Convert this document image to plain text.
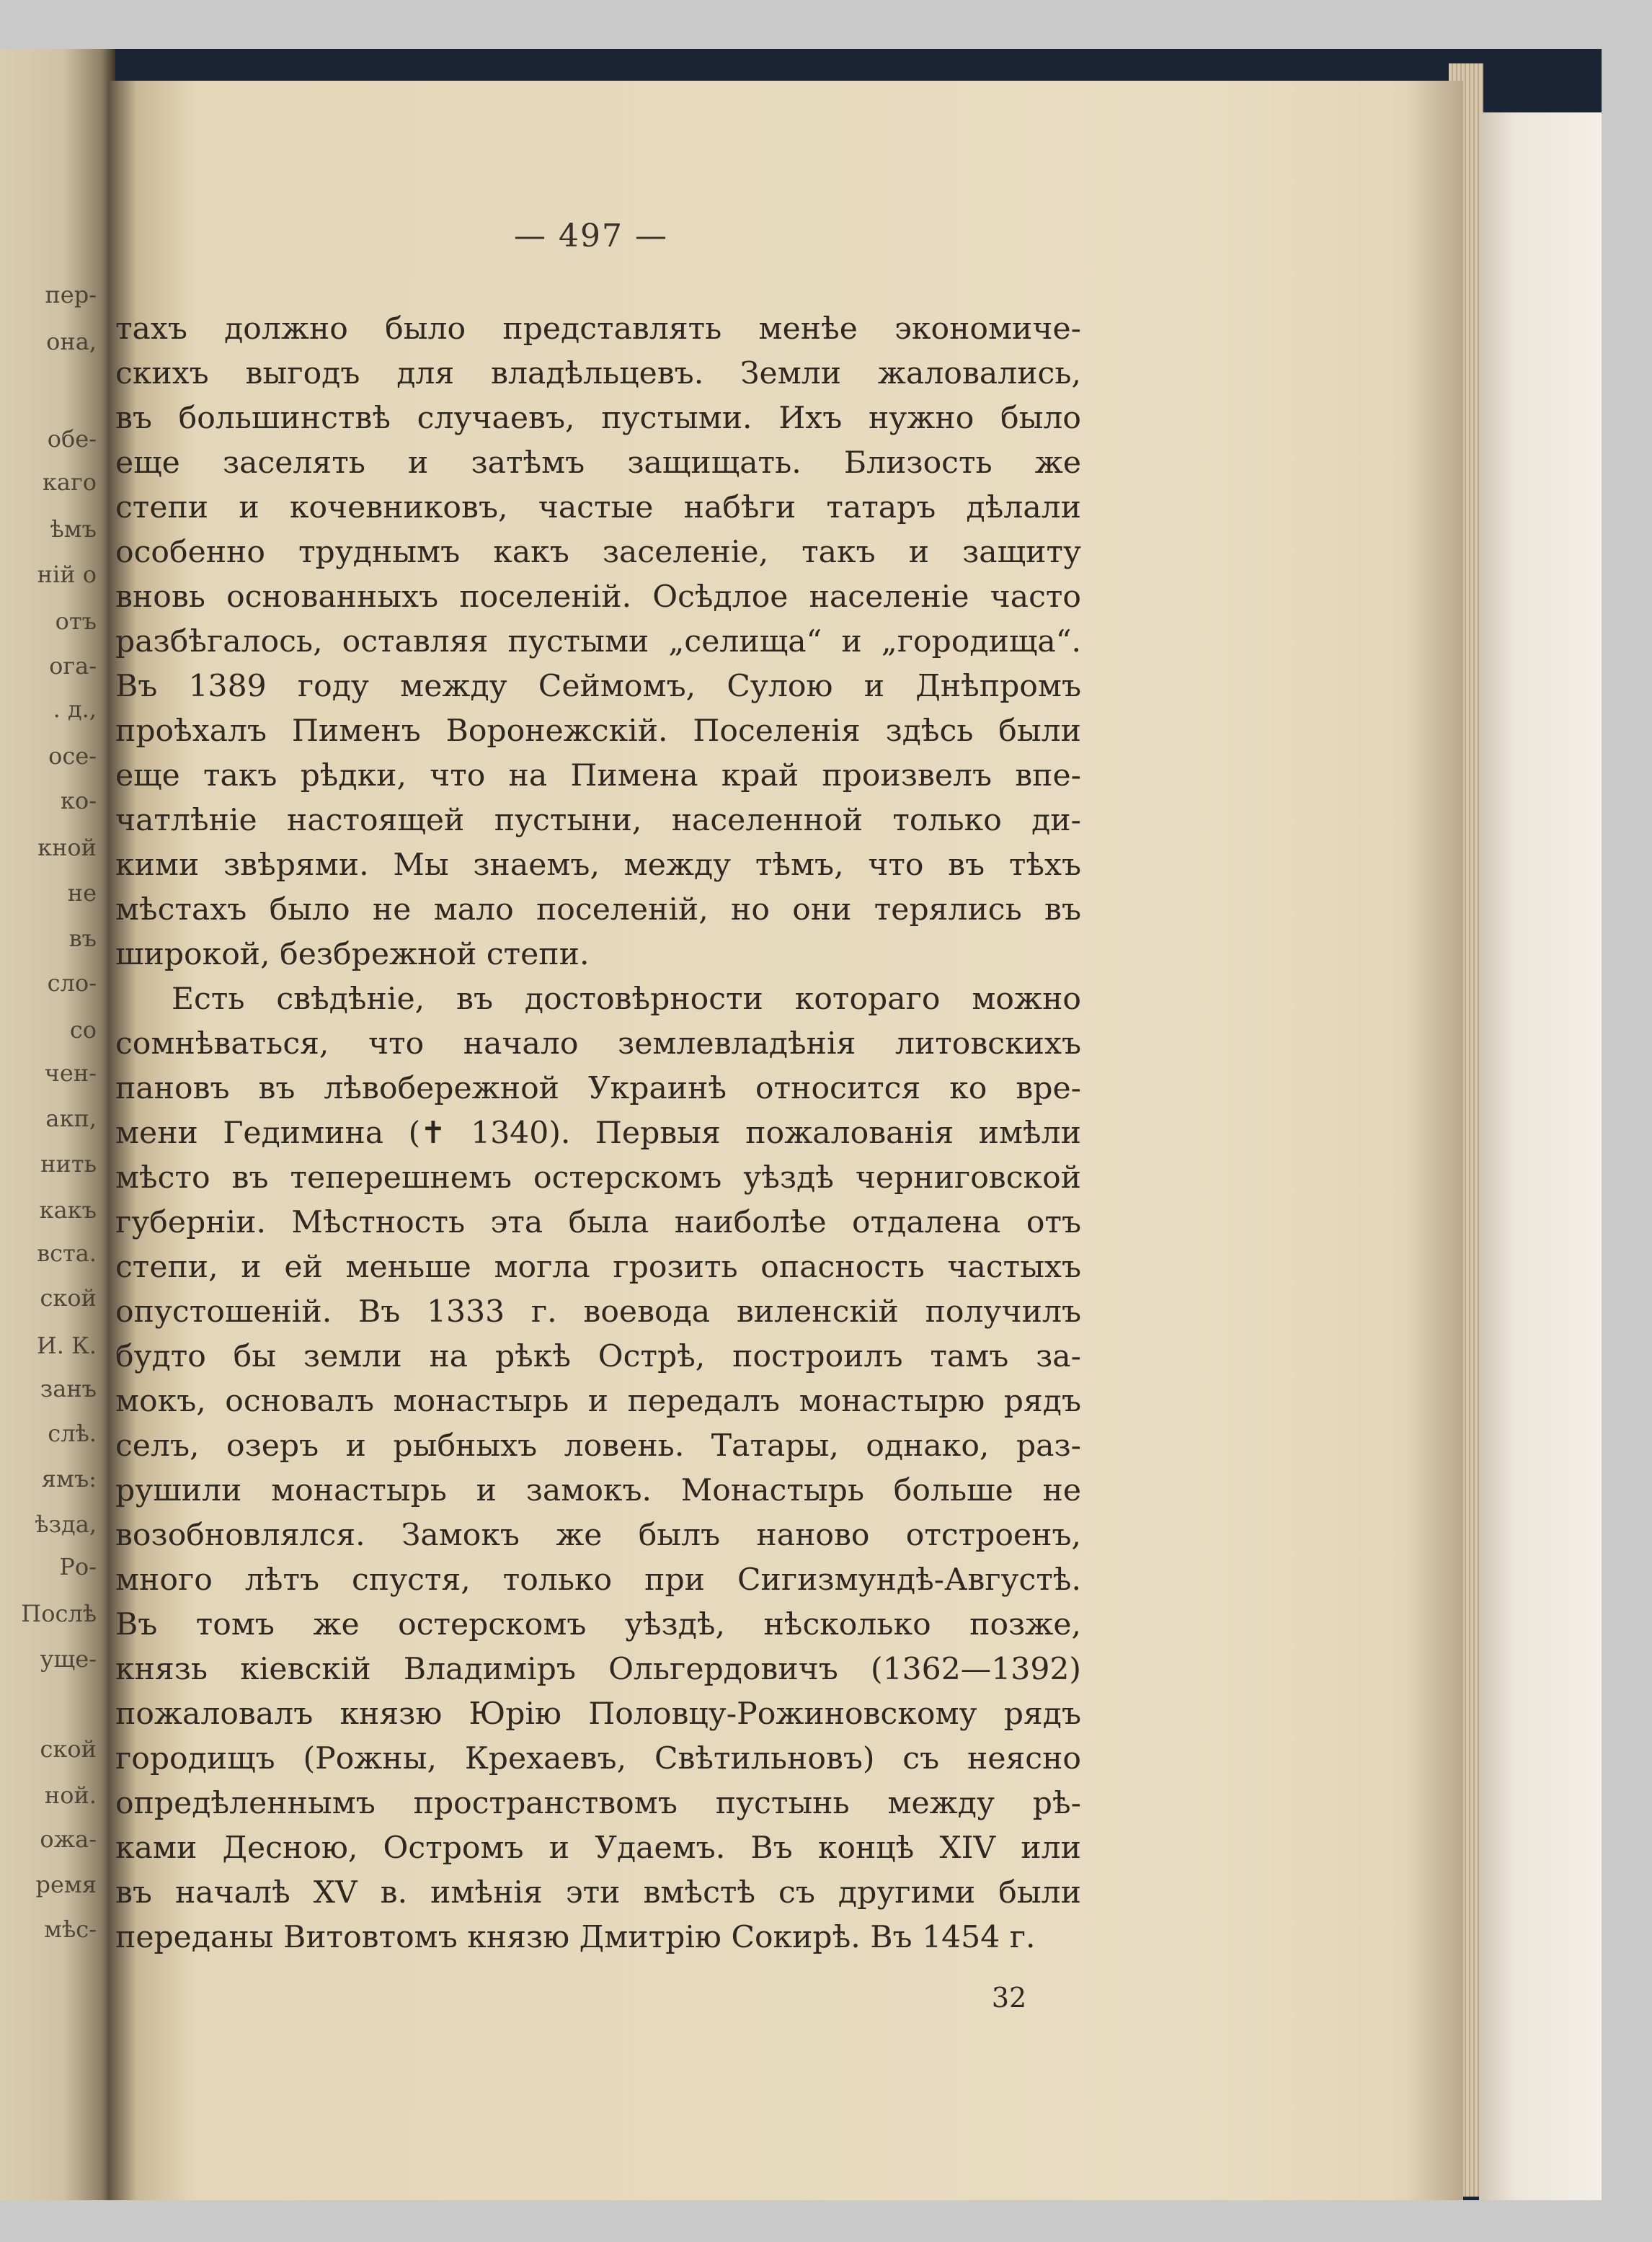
пер-
она,
обе-
каго
ѣмъ
ній о
отъ
ога-
. д.,
осе-
ко-
кной
не
въ
сло-
со
чен-
акп,
нить
какъ
вста.
ской
И. К.
занъ
слѣ.
ямъ:
ѣзда,
Ро-
Послѣ
уще-
ской
ной.
ожа-
ремя
мѣс-
— 497 —
тахъ должно было представлять менѣе экономиче-
скихъ выгодъ для владѣльцевъ. Земли жаловались,
въ большинствѣ случаевъ, пустыми. Ихъ нужно было
еще заселять и затѣмъ защищать. Близость же
степи и кочевниковъ, частые набѣги татаръ дѣлали
особенно труднымъ какъ заселеніе, такъ и защиту
вновь основанныхъ поселеній. Осѣдлое населеніе часто
разбѣгалось, оставляя пустыми „селища“ и „городища“.
Въ 1389 году между Сеймомъ, Сулою и Днѣпромъ
проѣхалъ Пименъ Воронежскій. Поселенія здѣсь были
еще такъ рѣдки, что на Пимена край произвелъ впе-
чатлѣніе настоящей пустыни, населенной только ди-
кими звѣрями. Мы знаемъ, между тѣмъ, что въ тѣхъ
мѣстахъ было не мало поселеній, но они терялись въ
широкой, безбрежной степи.
Есть свѣдѣніе, въ достовѣрности котораго можно
сомнѣваться, что начало землевладѣнія литовскихъ
пановъ въ лѣвобережной Украинѣ относится ко вре-
мени Гедимина (✝ 1340). Первыя пожалованія имѣли
мѣсто въ теперешнемъ остерскомъ уѣздѣ черниговской
губерніи. Мѣстность эта была наиболѣе отдалена отъ
степи, и ей меньше могла грозить опасность частыхъ
опустошеній. Въ 1333 г. воевода виленскій получилъ
будто бы земли на рѣкѣ Острѣ, построилъ тамъ за-
мокъ, основалъ монастырь и передалъ монастырю рядъ
селъ, озеръ и рыбныхъ ловень. Татары, однако, раз-
рушили монастырь и замокъ. Монастырь больше не
возобновлялся. Замокъ же былъ наново отстроенъ,
много лѣтъ спустя, только при Сигизмундѣ-Августѣ.
Въ томъ же остерскомъ уѣздѣ, нѣсколько позже,
князь кіевскій Владиміръ Ольгердовичъ (1362—1392)
пожаловалъ князю Юрію Половцу-Рожиновскому рядъ
городищъ (Рожны, Крехаевъ, Свѣтильновъ) съ неясно
опредѣленнымъ пространствомъ пустынь между рѣ-
ками Десною, Остромъ и Удаемъ. Въ концѣ XIV или
въ началѣ XV в. имѣнія эти вмѣстѣ съ другими были
переданы Витовтомъ князю Дмитрію Сокирѣ. Въ 1454 г.
32
